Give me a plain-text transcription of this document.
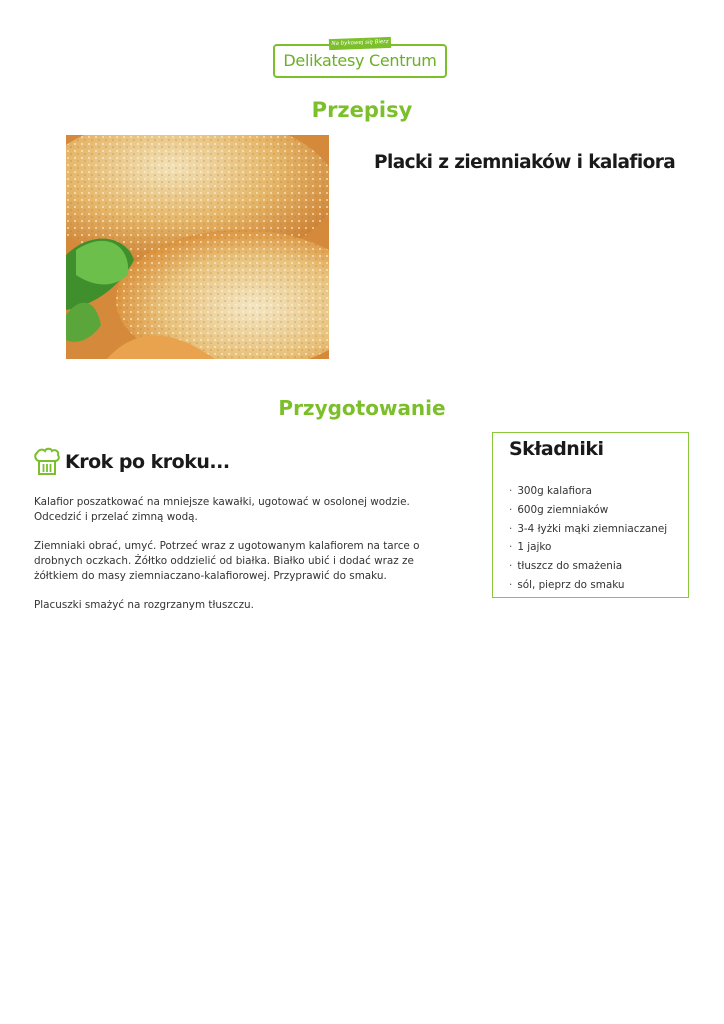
Na bykowej się Bierz
Delikatesy Centrum
Przepisy
Placki z ziemniaków i kalafiora
Przygotowanie
Krok po kroku...

Kalafior poszatkować na mniejsze kawałki, ugotować w osolonej wodzie. Odcedzić i przelać zimną wodą.

Ziemniaki obrać, umyć. Potrzeć wraz z ugotowanym kalafiorem na tarce o drobnych oczkach. Żółtko oddzielić od białka. Białko ubić i dodać wraz ze żółtkiem do masy ziemniaczano-kalafiorowej. Przyprawić do smaku.

Placuszki smażyć na rozgrzanym tłuszczu.

Składniki
· 300g kalafiora
· 600g ziemniaków
· 3-4 łyżki mąki ziemniaczanej
· 1 jajko
· tłuszcz do smażenia
· sól, pieprz do smaku
